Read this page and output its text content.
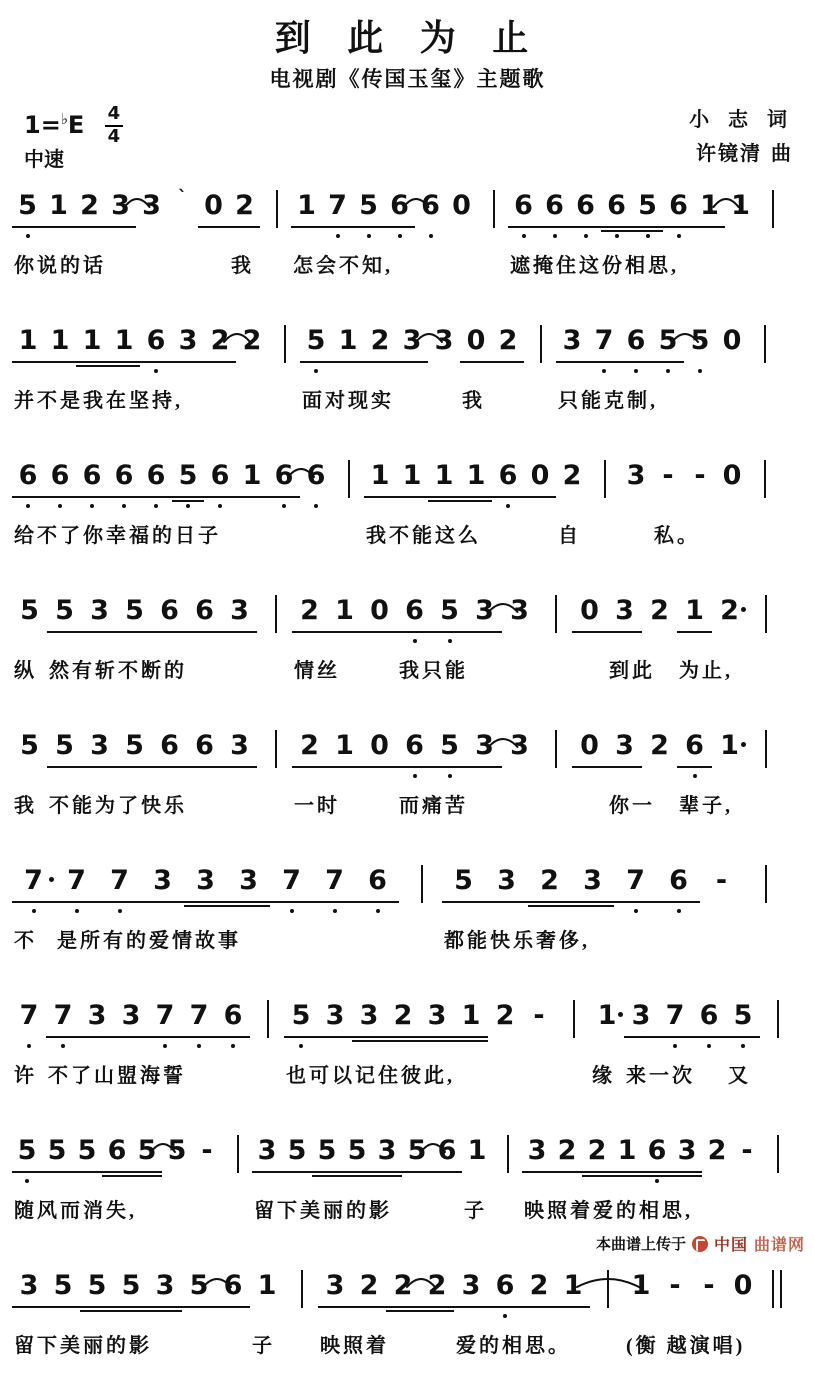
到 此 为 止
电视剧《传国玉玺》主题歌
$1=^♭E \frac{4}{4}$
中速
小 志 词
许镜清 曲
5 1 2 3 3 ` 0 2 1 7 5 6 6 0 6 6 6 6 5 6 1 1
你说的话	我 怎会不知,	遮掩住这份相思,
1 1 1 1 6 3 2 2 5 1 2 3 3 0 2 3 7 6 5 5 0
并不是我在坚持,	面对现实	我	只能克制,
6 6 6 6 6 5 6 1 6 6 1 1 1 1 6 0 2 3 - - 0
给不了你幸福的日子	我不能这么	自	私。
5 5 3 5 6 6 3 2 1 0 6 5 3 3 0 3 2 1 2
纵 然有斩不断的	情丝	我只能	到此 为止,
5 5 3 5 6 6 3 2 1 0 6 5 3 3 0 3 2 6 1
我 不能为了快乐	一时	而痛苦	你一 辈子,
7 7 7 3 3 3 7 7 6 5 3 2 3 7 6 -
不 是所有的爱情故事	都能快乐奢侈,
7 7 3 3 7 7 6 5 3 3 2 3 1 2 - 1 3 7 6 5
许 不了山盟海誓	也可以记住彼此,	缘 来一次 又
5 5 5 6 5 5 - 3 5 5 5 3 5 6 1 3 2 2 1 6 3 2 -
随风而消失,	留下美丽的影	子 映照着爱的相思,
3 5 5 5 3 5 6 1 3 2 2 2 3 6 2 1 1 - - 0
留下美丽的影	子 映照着	爱的相思。	(衡 越演唱)
本曲谱上传于 中国 曲谱网
